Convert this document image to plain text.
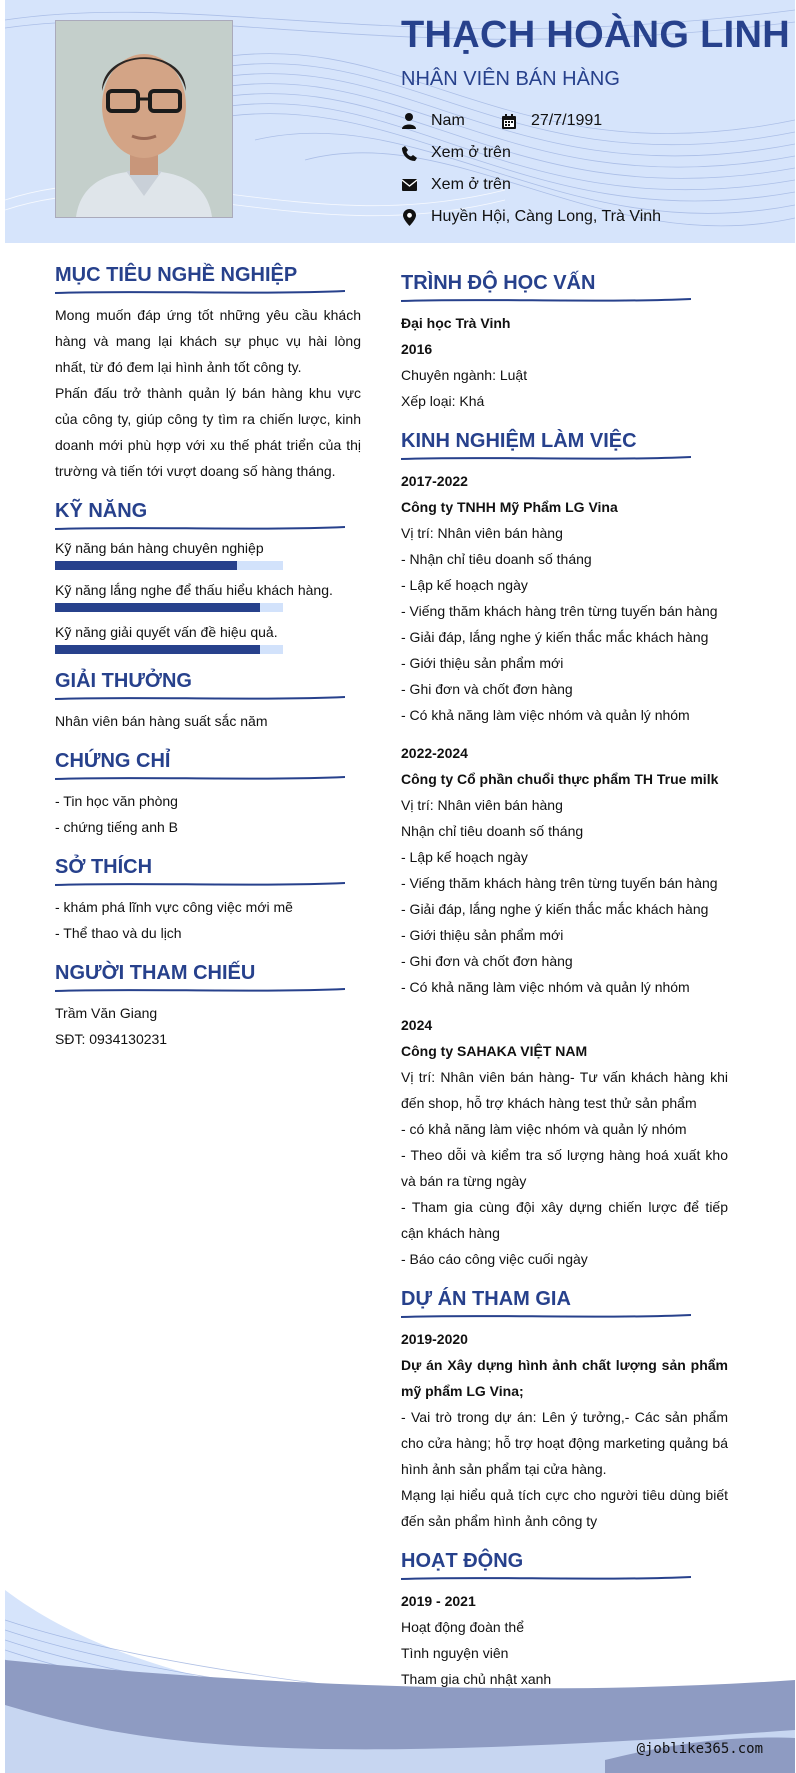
THẠCH HOÀNG LINH
NHÂN VIÊN BÁN HÀNG
Nam	27/7/1991
Xem ở trên
Xem ở trên
Huyền Hội, Càng Long, Trà Vinh
MỤC TIÊU NGHỀ NGHIỆP

Mong muốn đáp ứng tốt những yêu cầu khách hàng và mang lại khách sự phục vụ hài lòng nhất, từ đó đem lại hình ảnh tốt công ty.

Phấn đấu trở thành quản lý bán hàng khu vực của công ty, giúp công ty tìm ra chiến lược, kinh doanh mới phù hợp với xu thế phát triển của thị trường và tiến tới vượt doang số hàng tháng.

KỸ NĂNG
Kỹ năng bán hàng chuyên nghiệp
Kỹ năng lắng nghe để thấu hiểu khách hàng.
Kỹ năng giải quyết vấn đề hiệu quả.
GIẢI THƯỞNG

Nhân viên bán hàng suất sắc năm

CHỨNG CHỈ

- Tin học văn phòng

- chứng tiếng anh B

SỞ THÍCH

- khám phá lĩnh vực công việc mới mẽ

- Thể thao và du lịch

NGƯỜI THAM CHIẾU

Trầm Văn Giang

SĐT: 0934130231

TRÌNH ĐỘ HỌC VẤN

Đại học Trà Vinh

2016

Chuyên ngành: Luật

Xếp loại: Khá

KINH NGHIỆM LÀM VIỆC

2017-2022

Công ty TNHH Mỹ Phẩm LG Vina

Vị trí: Nhân viên bán hàng

- Nhận chỉ tiêu doanh số tháng

- Lập kế hoạch ngày

- Viếng thăm khách hàng trên từng tuyến bán hàng

- Giải đáp, lắng nghe ý kiến thắc mắc khách hàng

- Giới thiệu sản phẩm mới

- Ghi đơn và chốt đơn hàng

- Có khả năng làm việc nhóm và quản lý nhóm

2022-2024

Công ty Cổ phần chuổi thực phẩm TH True milk

Vị trí: Nhân viên bán hàng

Nhận chỉ tiêu doanh số tháng

- Lập kế hoạch ngày

- Viếng thăm khách hàng trên từng tuyến bán hàng

- Giải đáp, lắng nghe ý kiến thắc mắc khách hàng

- Giới thiệu sản phẩm mới

- Ghi đơn và chốt đơn hàng

- Có khả năng làm việc nhóm và quản lý nhóm

2024

Công ty SAHAKA VIỆT NAM

Vị trí: Nhân viên bán hàng- Tư vấn khách hàng khi đến shop, hỗ trợ khách hàng test thử sản phẩm

- có khả năng làm việc nhóm và quản lý nhóm

- Theo dỗi và kiểm tra số lượng hàng hoá xuất kho và bán ra từng ngày

- Tham gia cùng đội xây dựng chiến lược để tiếp cận khách hàng

- Báo cáo công việc cuối ngày

DỰ ÁN THAM GIA

2019-2020

Dự án Xây dựng hình ảnh chất lượng sản phẩm mỹ phẩm LG Vina;

- Vai trò trong dự án: Lên ý tưởng,- Các sản phẩm cho cửa hàng; hỗ trợ hoạt động marketing quảng bá hình ảnh sản phẩm tại cửa hàng.

Mạng lại hiểu quả tích cực cho người tiêu dùng biết đến sản phẩm hình ảnh công ty

HOẠT ĐỘNG

2019 - 2021

Hoạt động đoàn thể

Tình nguyện viên

Tham gia chủ nhật xanh

@joblike365.com
